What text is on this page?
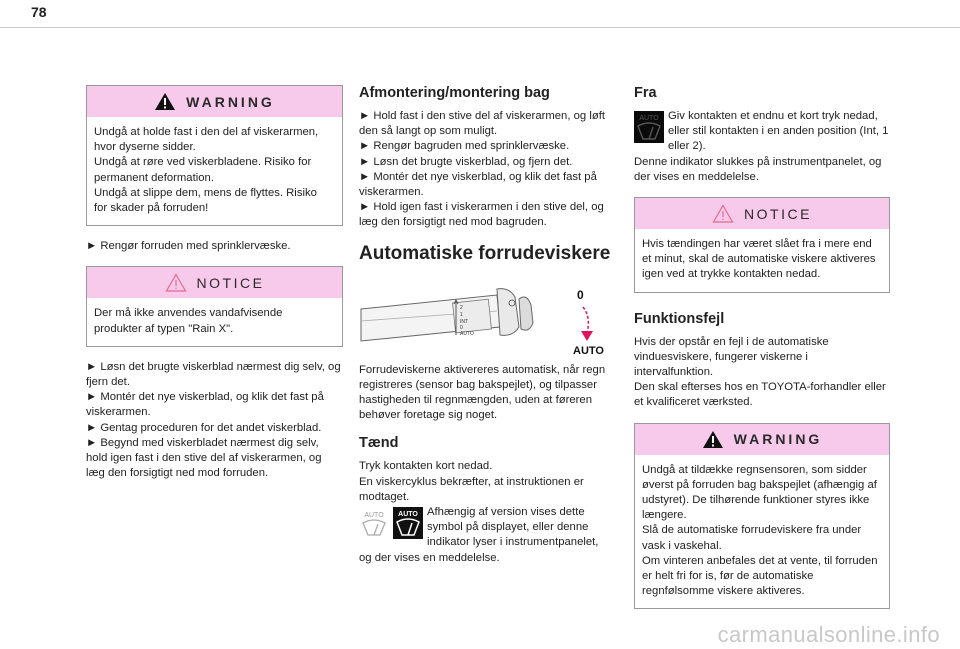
78
WARNING
Undgå at holde fast i den del af viskerarmen, hvor dyserne sidder.
Undgå at røre ved viskerbladene. Risiko for permanent deformation.
Undgå at slippe dem, mens de flyttes. Risiko for skader på forruden!

► Rengør forruden med sprinklervæske.

NOTICE
Der må ikke anvendes vandafvisende produkter af typen "Rain X".

► Løsn det brugte viskerblad nærmest dig selv, og fjern det.

► Montér det nye viskerblad, og klik det fast på viskerarmen.

► Gentag proceduren for det andet viskerblad.

► Begynd med viskerbladet nærmest dig selv, hold igen fast i den stive del af viskerarmen, og læg den forsigtigt ned mod forruden.

Afmontering/montering bag

► Hold fast i den stive del af viskerarmen, og løft den så langt op som muligt.

► Rengør bagruden med sprinklervæske.

► Løsn det brugte viskerblad, og fjern det.

► Montér det nye viskerblad, og klik det fast på viskerarmen.

► Hold igen fast i viskerarmen i den stive del, og læg den forsigtigt ned mod bagruden.

Automatiske forrudeviskere
2
1
INT
0
AUTO
0
AUTO

Forrudeviskerne aktivereres automatisk, når regn registreres (sensor bag bakspejlet), og tilpasser hastigheden til regnmængden, uden at føreren behøver foretage sig noget.

Tænd

Tryk kontakten kort nedad.

En viskercyklus bekræfter, at instruktionen er modtaget.

AUTO AUTO Afhængig af version vises dette symbol på displayet, eller denne indikator lyser i instrumentpanelet, og der vises en meddelelse.

Fra
AUTO Giv kontakten et endnu et kort tryk nedad, eller stil kontakten i en anden position (Int, 1 eller 2).

Denne indikator slukkes på instrumentpanelet, og der vises en meddelelse.

NOTICE
Hvis tændingen har været slået fra i mere end et minut, skal de automatiske viskere aktiveres igen ved at trykke kontakten nedad.
Funktionsfejl

Hvis der opstår en fejl i de automatiske vinduesviskere, fungerer viskerne i intervalfunktion.

Den skal efterses hos en TOYOTA-forhandler eller et kvalificeret værksted.

WARNING
Undgå at tildække regnsensoren, som sidder øverst på forruden bag bakspejlet (afhængig af udstyret). De tilhørende funktioner styres ikke længere.
Slå de automatiske forrudeviskere fra under vask i vaskehal.
Om vinteren anbefales det at vente, til forruden er helt fri for is, før de automatiske regnfølsomme viskere aktiveres.
carmanualsonline.info
